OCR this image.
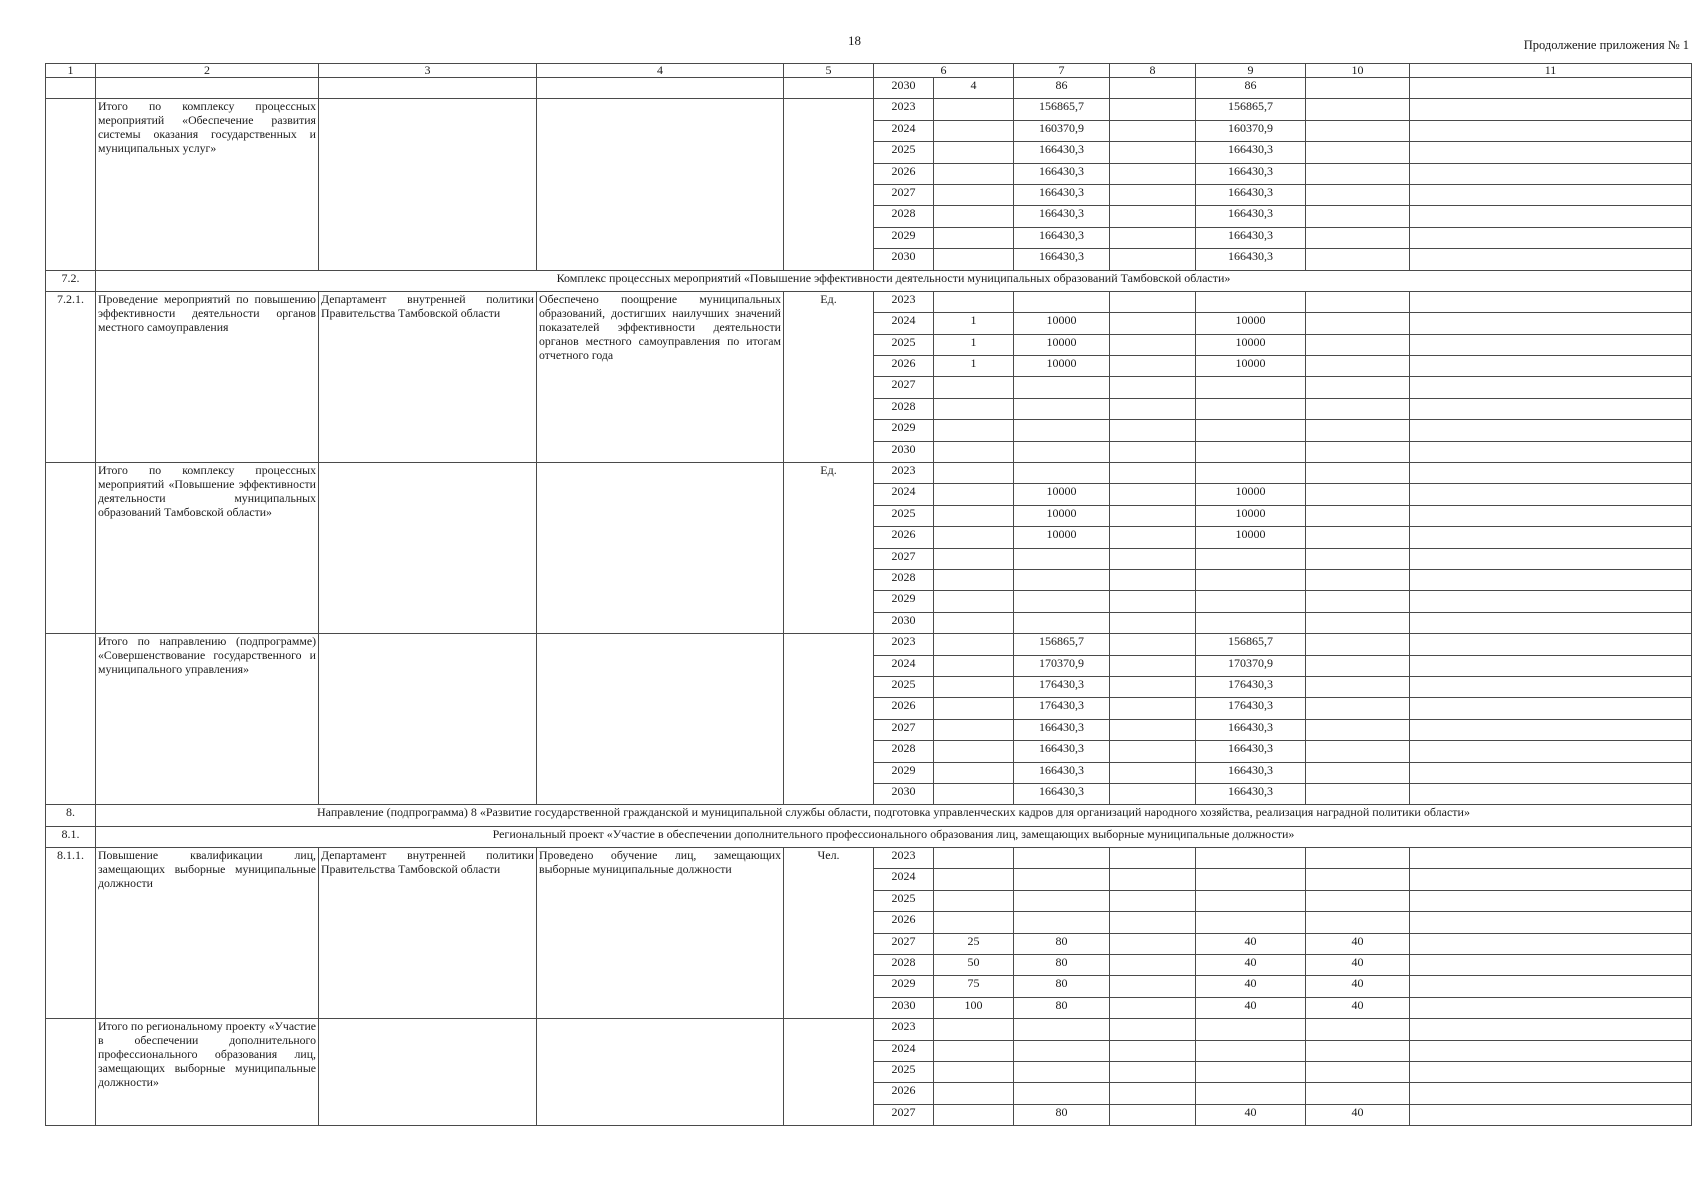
18	Продолжение приложения № 1
1	2	3	4	5	6		7	8	9	10	11
					2030	4	86		86		
	Итого по комплексу процессных мероприятий «Обеспечение развития системы оказания государственных и муниципальных услуг»				2023		156865,7		156865,7		
					2024		160370,9		160370,9		
					2025		166430,3		166430,3		
					2026		166430,3		166430,3		
					2027		166430,3		166430,3		
					2028		166430,3		166430,3		
					2029		166430,3		166430,3		
					2030		166430,3		166430,3		
7.2.	Комплекс процессных мероприятий «Повышение эффективности деятельности муниципальных образований Тамбовской области»										
7.2.1.	Проведение мероприятий по повышению эффективности деятельности органов местного самоуправления	Департамент внутренней политики Правительства Тамбовской области	Обеспечено поощрение муниципальных образований, достигших наилучших значений показателей эффективности деятельности органов местного самоуправления по итогам отчетного года	Ед.	2023						
					2024	1	10000		10000		
					2025	1	10000		10000		
					2026	1	10000		10000		
					2027						
					2028						
					2029						
					2030						
	Итого по комплексу процессных мероприятий «Повышение эффективности деятельности муниципальных образований Тамбовской области»			Ед.	2023						
					2024		10000		10000		
					2025		10000		10000		
					2026		10000		10000		
					2027						
					2028						
					2029						
					2030						
	Итого по направлению (подпрограмме) «Совершенствование государственного и муниципального управления»				2023		156865,7		156865,7		
					2024		170370,9		170370,9		
					2025		176430,3		176430,3		
					2026		176430,3		176430,3		
					2027		166430,3		166430,3		
					2028		166430,3		166430,3		
					2029		166430,3		166430,3		
					2030		166430,3		166430,3		
8.	Направление (подпрограмма) 8 «Развитие государственной гражданской и муниципальной службы области, подготовка управленческих кадров для организаций народного хозяйства, реализация наградной политики области»										
8.1.	Региональный проект «Участие в обеспечении дополнительного профессионального образования лиц, замещающих выборные муниципальные должности»										
8.1.1.	Повышение квалификации лиц, замещающих выборные муниципальные должности	Департамент внутренней политики Правительства Тамбовской области	Проведено обучение лиц, замещающих выборные муниципальные должности	Чел.	2023						
					2024						
					2025						
					2026						
					2027	25	80		40	40	
					2028	50	80		40	40	
					2029	75	80		40	40	
					2030	100	80		40	40	
	Итого по региональному проекту «Участие в обеспечении дополнительного профессионального образования лиц, замещающих выборные муниципальные должности»				2023						
					2024						
					2025						
					2026						
					2027		80		40	40	
